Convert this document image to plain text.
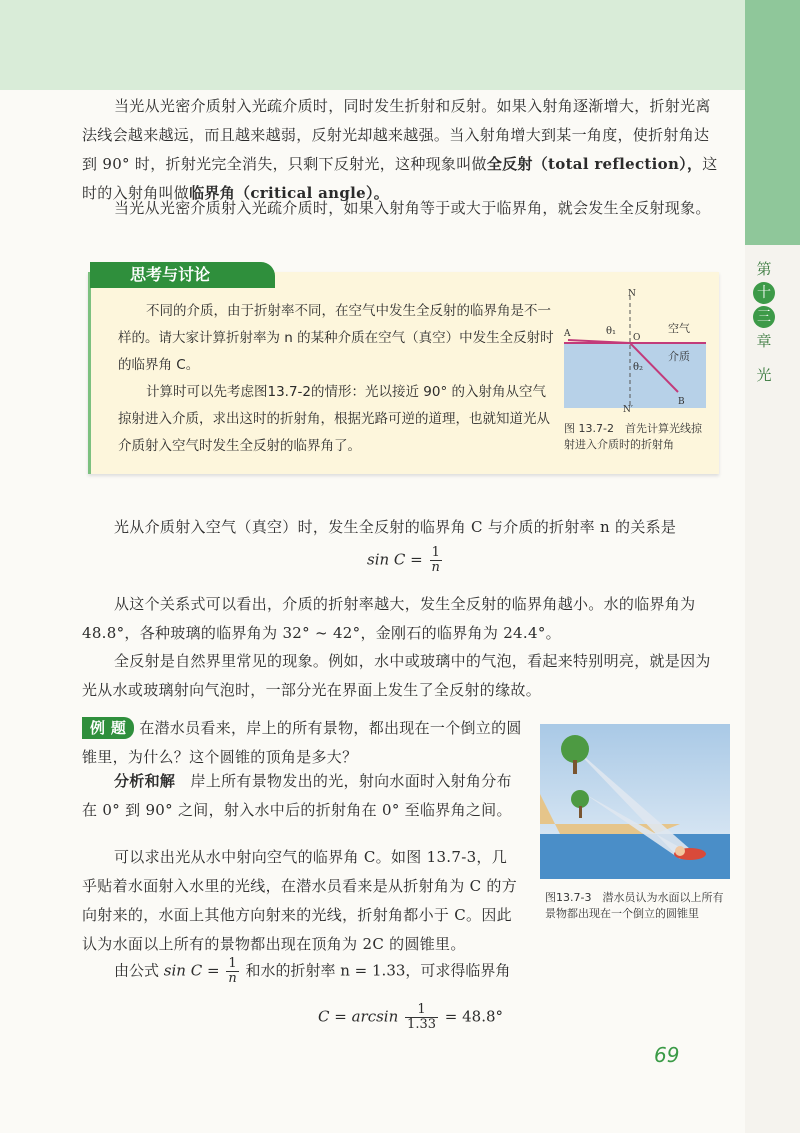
第
十
三
章
光

当光从光密介质射入光疏介质时，同时发生折射和反射。如果入射角逐渐增大，折射光离法线会越来越远，而且越来越弱，反射光却越来越强。当入射角增大到某一角度，使折射角达到 90° 时，折射光完全消失，只剩下反射光，这种现象叫做全反射（total reflection），这时的入射角叫做临界角（critical angle）。

当光从光密介质射入光疏介质时，如果入射角等于或大于临界角，就会发生全反射现象。

思考与讨论

不同的介质，由于折射率不同，在空气中发生全反射的临界角是不一样的。请大家计算折射率为 n 的某种介质在空气（真空）中发生全反射时的临界角 C。
计算时可以先考虑图13.7-2的情形：光以接近 90° 的入射角从空气掠射进入介质，求出这时的折射角，根据光路可逆的道理，也就知道光从介质射入空气时发生全反射的临界角了。

N
N′
A	O
B
空气
介质
θ₁
θ₂
图 13.7-2　首先计算光线掠射进入介质时的折射角

光从介质射入空气（真空）时，发生全反射的临界角 C 与介质的折射率 n 的关系是

$\sin C = \frac{1}{n}$

从这个关系式可以看出，介质的折射率越大，发生全反射的临界角越小。水的临界角为 48.8°，各种玻璃的临界角为 32° ~ 42°，金刚石的临界角为 24.4°。

全反射是自然界里常见的现象。例如，水中或玻璃中的气泡，看起来特别明亮，就是因为光从水或玻璃射向气泡时，一部分光在界面上发生了全反射的缘故。

例 题 在潜水员看来，岸上的所有景物，都出现在一个倒立的圆锥里，为什么？这个圆锥的顶角是多大？

分析和解　 岸上所有景物发出的光，射向水面时入射角分布在 0° 到 90° 之间，射入水中后的折射角在 0° 至临界角之间。

可以求出光从水中射向空气的临界角 C。如图 13.7-3，几乎贴着水面射入水里的光线，在潜水员看来是从折射角为 C 的方向射来的，水面上其他方向射来的光线，折射角都小于 C。因此认为水面以上所有的景物都出现在顶角为 2C 的圆锥里。

由公式 $\sin C = \frac{1}{n}$ 和水的折射率 n = 1.33，可求得临界角
$C = \arcsin \frac{1}{1.33} = 48.8^\circ$
图13.7-3　潜水员认为水面以上所有景物都出现在一个倒立的圆锥里
69
